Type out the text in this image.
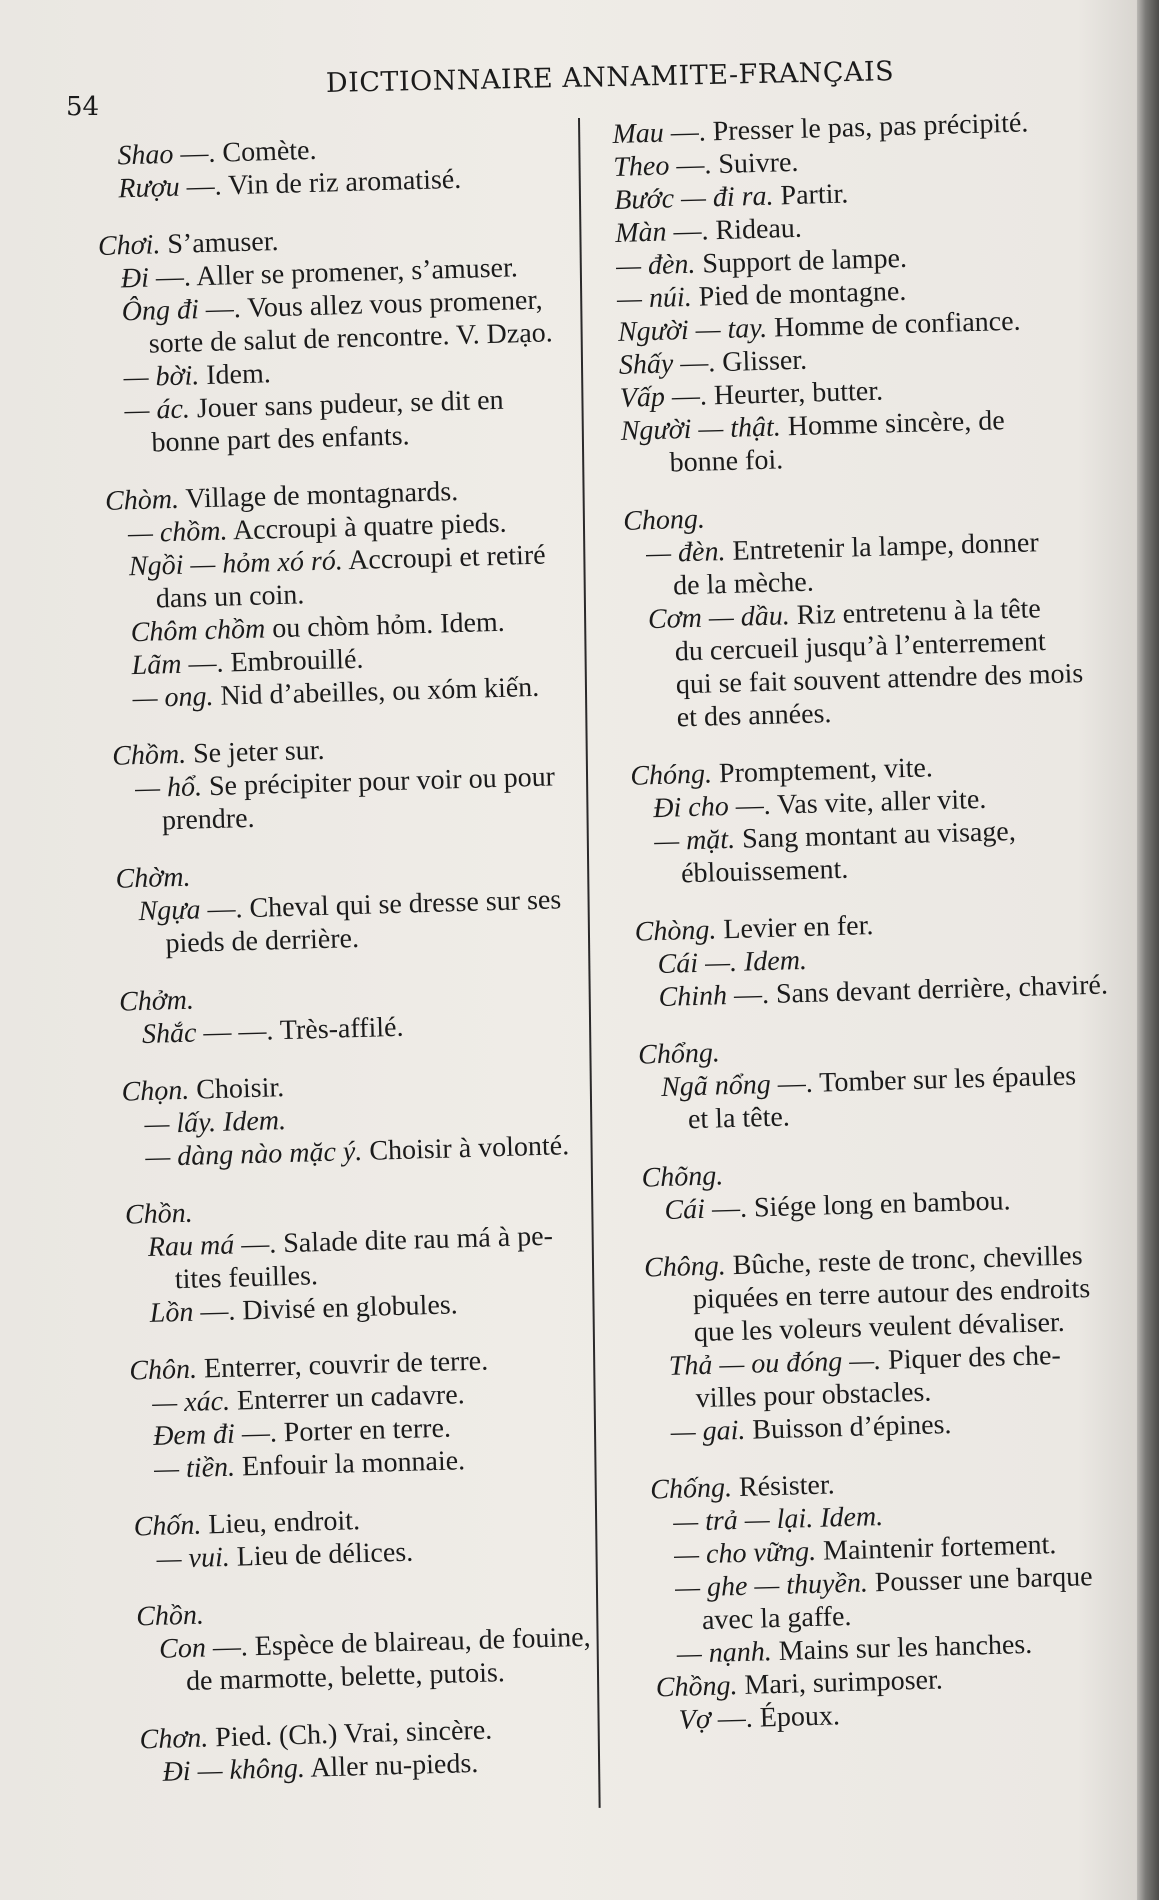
54
DICTIONNAIRE ANNAMITE-FRANÇAIS
Shao —. Comète.
Rượu —. Vin de riz aromatisé.
Chơi. S’amuser.
Đi —. Aller se promener, s’amuser.
Ông đi —. Vous allez vous promener,
sorte de salut de rencontre. V. Dzạo.
— bời. Idem.
— ác. Jouer sans pudeur, se dit en
bonne part des enfants.
Chòm. Village de montagnards.
— chồm. Accroupi à quatre pieds.
Ngồi — hỏm xó ró. Accroupi et retiré
dans un coin.
Chôm chồm ou chòm hỏm. Idem.
Lãm —. Embrouillé.
— ong. Nid d’abeilles, ou xóm kiến.
Chồm. Se jeter sur.
— hổ. Se précipiter pour voir ou pour
prendre.
Chờm.
Ngựa —. Cheval qui se dresse sur ses
pieds de derrière.
Chởm.
Shắc — —. Très-affilé.
Chọn. Choisir.
— lấy. Idem.
— dàng nào mặc ý. Choisir à volonté.
Chồn.
Rau má —. Salade dite rau má à pe-
tites feuilles.
Lồn —. Divisé en globules.
Chôn. Enterrer, couvrir de terre.
— xác. Enterrer un cadavre.
Đem đi —. Porter en terre.
— tiền. Enfouir la monnaie.
Chốn. Lieu, endroit.
— vui. Lieu de délices.
Chồn.
Con —. Espèce de blaireau, de fouine,
de marmotte, belette, putois.
Chơn. Pied. (Ch.) Vrai, sincère.
Đi — không. Aller nu-pieds.
Mau —. Presser le pas, pas précipité.
Theo —. Suivre.
Bước — đi ra. Partir.
Màn —. Rideau.
— đèn. Support de lampe.
— núi. Pied de montagne.
Người — tay. Homme de confiance.
Shấy —. Glisser.
Vấp —. Heurter, butter.
Người — thật. Homme sincère, de
bonne foi.
Chong.
— đèn. Entretenir la lampe, donner
de la mèche.
Cơm — dầu. Riz entretenu à la tête
du cercueil jusqu’à l’enterrement
qui se fait souvent attendre des mois
et des années.
Chóng. Promptement, vite.
Đi cho —. Vas vite, aller vite.
— mặt. Sang montant au visage,
éblouissement.
Chòng. Levier en fer.
Cái —. Idem.
Chinh —. Sans devant derrière, chaviré.
Chổng.
Ngã nổng —. Tomber sur les épaules
et la tête.
Chõng.
Cái —. Siége long en bambou.
Chông. Bûche, reste de tronc, chevilles
piquées en terre autour des endroits
que les voleurs veulent dévaliser.
Thả — ou đóng —. Piquer des che-
villes pour obstacles.
— gai. Buisson d’épines.
Chống. Résister.
— trả — lại. Idem.
— cho vững. Maintenir fortement.
— ghe — thuyền. Pousser une barque
avec la gaffe.
— nạnh. Mains sur les hanches.
Chồng. Mari, surimposer.
Vợ —. Époux.
